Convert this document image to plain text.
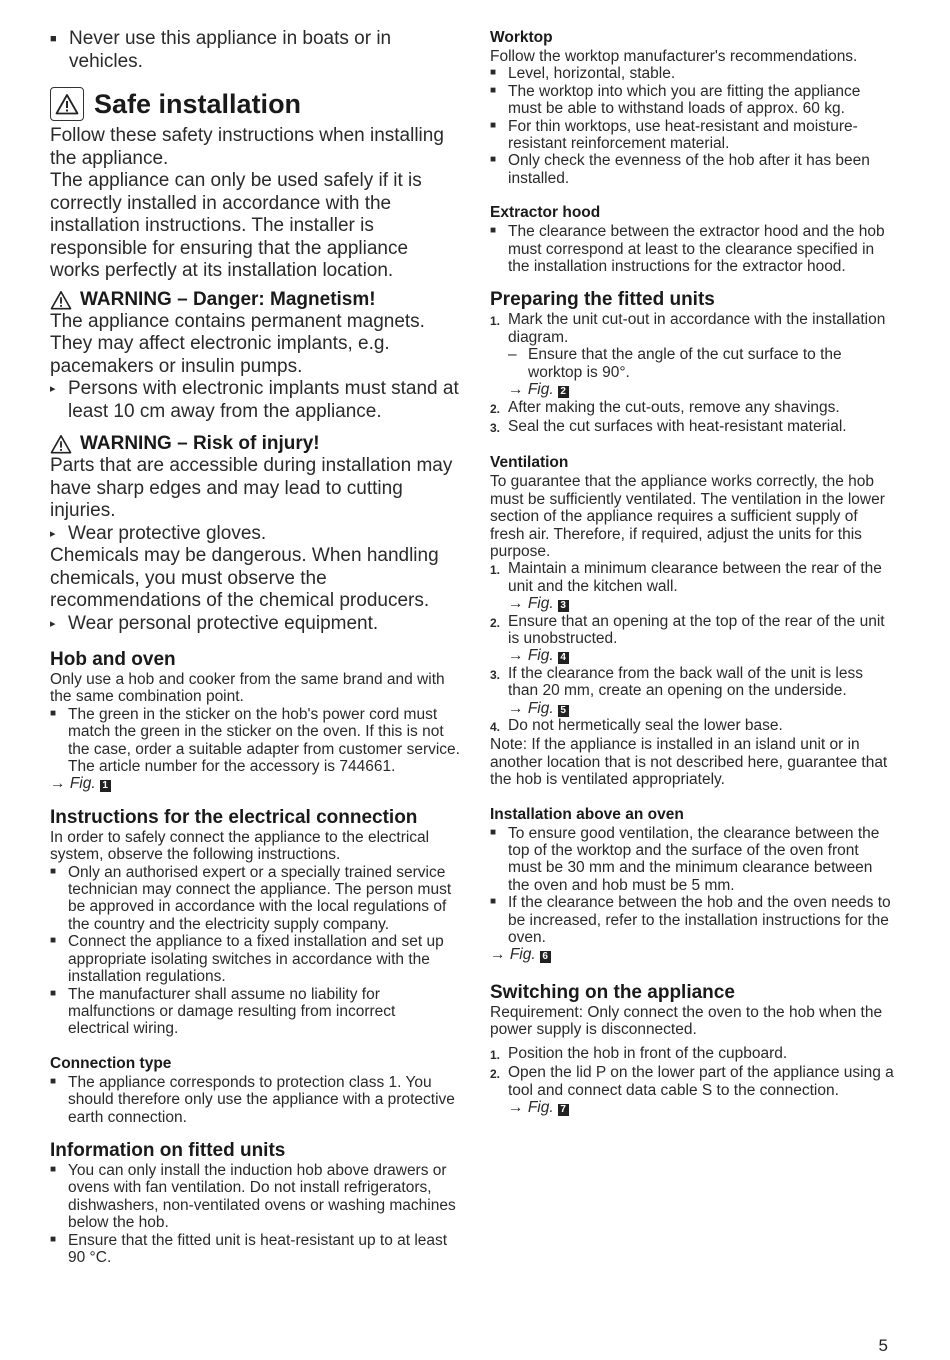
■ Never use this appliance in boats or in vehicles.
Safe installation

Follow these safety instructions when installing the appliance.

The appliance can only be used safely if it is correctly installed in accordance with the installation instructions. The installer is responsible for ensuring that the appliance works perfectly at its installation location.

WARNING – Danger: Magnetism!

The appliance contains permanent magnets. They may affect electronic implants, e.g. pacemakers or insulin pumps.

▸ Persons with electronic implants must stand at least 10 cm away from the appliance.
WARNING – Risk of injury!

Parts that are accessible during installation may have sharp edges and may lead to cutting injuries.

▸ Wear protective gloves.

Chemicals may be dangerous. When handling chemicals, you must observe the recommendations of the chemical producers.

▸ Wear personal protective equipment.
Hob and oven

Only use a hob and cooker from the same brand and with the same combination point.

■ The green in the sticker on the hob's power cord must match the green in the sticker on the oven. If this is not the case, order a suitable adapter from customer service. The article number for the accessory is 744661.
→ Fig. 1
Instructions for the electrical connection

In order to safely connect the appliance to the electrical system, observe the following instructions.

■ Only an authorised expert or a specially trained service technician may connect the appliance. The person must be approved in accordance with the local regulations of the country and the electricity supply company.
■ Connect the appliance to a fixed installation and set up appropriate isolating switches in accordance with the installation regulations.
■ The manufacturer shall assume no liability for malfunctions or damage resulting from incorrect electrical wiring.
Connection type
■ The appliance corresponds to protection class 1. You should therefore only use the appliance with a protective earth connection.
Information on fitted units
■ You can only install the induction hob above drawers or ovens with fan ventilation. Do not install refrigerators, dishwashers, non-ventilated ovens or washing machines below the hob.
■ Ensure that the fitted unit is heat-resistant up to at least 90 °C.
Worktop

Follow the worktop manufacturer's recommendations.

■ Level, horizontal, stable.
■ The worktop into which you are fitting the appliance must be able to withstand loads of approx. 60 kg.
■ For thin worktops, use heat-resistant and moisture-resistant reinforcement material.
■ Only check the evenness of the hob after it has been installed.
Extractor hood
■ The clearance between the extractor hood and the hob must correspond at least to the clearance specified in the installation instructions for the extractor hood.
Preparing the fitted units
1. Mark the unit cut-out in accordance with the installation diagram.
– Ensure that the angle of the cut surface to the worktop is 90°.
→ Fig. 2
2. After making the cut-outs, remove any shavings.
3. Seal the cut surfaces with heat-resistant material.
Ventilation

To guarantee that the appliance works correctly, the hob must be sufficiently ventilated. The ventilation in the lower section of the appliance requires a sufficient supply of fresh air. Therefore, if required, adjust the units for this purpose.

1. Maintain a minimum clearance between the rear of the unit and the kitchen wall.
→ Fig. 3
2. Ensure that an opening at the top of the rear of the unit is unobstructed.
→ Fig. 4
3. If the clearance from the back wall of the unit is less than 20 mm, create an opening on the underside.
→ Fig. 5
4. Do not hermetically seal the lower base.

Note: If the appliance is installed in an island unit or in another location that is not described here, guarantee that the hob is ventilated appropriately.

Installation above an oven
■ To ensure good ventilation, the clearance between the top of the worktop and the surface of the oven front must be 30 mm and the minimum clearance between the oven and hob must be 5 mm.
■ If the clearance between the hob and the oven needs to be increased, refer to the installation instructions for the oven.
→ Fig. 6
Switching on the appliance

Requirement: Only connect the oven to the hob when the power supply is disconnected.

1. Position the hob in front of the cupboard.
2. Open the lid P on the lower part of the appliance using a tool and connect data cable S to the connection.
→ Fig. 7
5
